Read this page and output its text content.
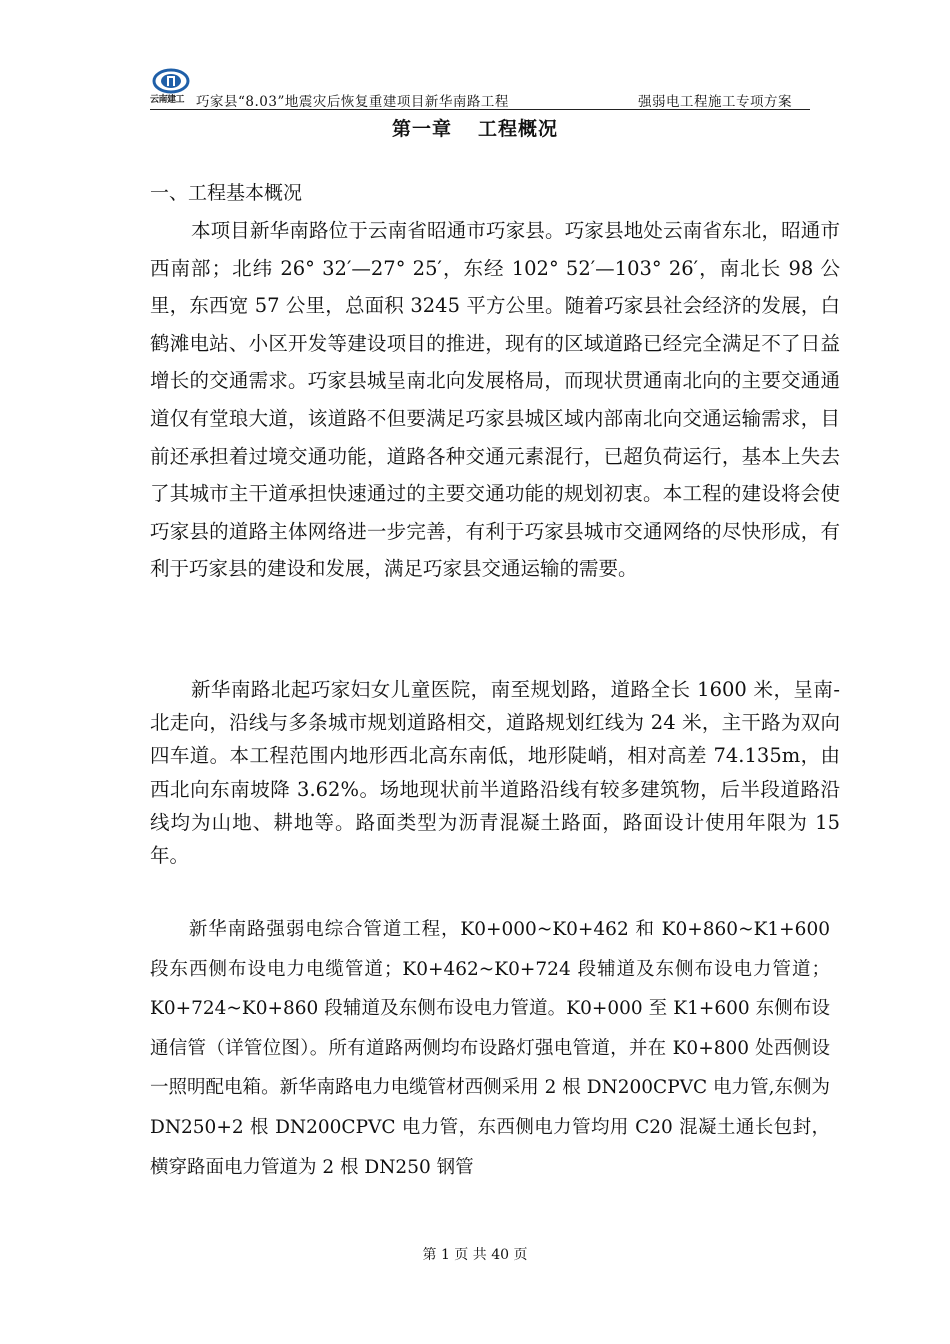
云南建工 巧家县“8.03”地震灾后恢复重建项目新华南路工程	强弱电工程施工专项方案
第一章 工程概况
一、工程基本概况

本项目新华南路位于云南省昭通市巧家县。巧家县地处云南省东北，昭通市西南部；北纬 26° 32′—27° 25′，东经 102° 52′—103° 26′，南北长 98 公里，东西宽 57 公里，总面积 3245 平方公里。随着巧家县社会经济的发展，白鹤滩电站、小区开发等建设项目的推进，现有的区域道路已经完全满足不了日益增长的交通需求。巧家县城呈南北向发展格局，而现状贯通南北向的主要交通通道仅有堂琅大道，该道路不但要满足巧家县城区域内部南北向交通运输需求，目前还承担着过境交通功能，道路各种交通元素混行，已超负荷运行，基本上失去了其城市主干道承担快速通过的主要交通功能的规划初衷。本工程的建设将会使巧家县的道路主体网络进一步完善，有利于巧家县城市交通网络的尽快形成，有利于巧家县的建设和发展，满足巧家县交通运输的需要。

新华南路北起巧家妇女儿童医院，南至规划路，道路全长 1600 米，呈南-北走向，沿线与多条城市规划道路相交，道路规划红线为 24 米，主干路为双向四车道。本工程范围内地形西北高东南低，地形陡峭，相对高差 74.135m，由西北向东南坡降 3.62%。场地现状前半道路沿线有较多建筑物，后半段道路沿线均为山地、耕地等。路面类型为沥青混凝土路面，路面设计使用年限为 15 年。

新华南路强弱电综合管道工程，K0+000~K0+462 和 K0+860~K1+600 段东西侧布设电力电缆管道；K0+462~K0+724 段辅道及东侧布设电力管道；K0+724~K0+860 段辅道及东侧布设电力管道。K0+000 至 K1+600 东侧布设通信管（详管位图）。所有道路两侧均布设路灯强电管道，并在 K0+800 处西侧设一照明配电箱。新华南路电力电缆管材西侧采用 2 根 DN200CPVC 电力管,东侧为 DN250+2 根 DN200CPVC 电力管，东西侧电力管均用 C20 混凝土通长包封，横穿路面电力管道为 2 根 DN250 钢管

第 1 页 共 40 页
